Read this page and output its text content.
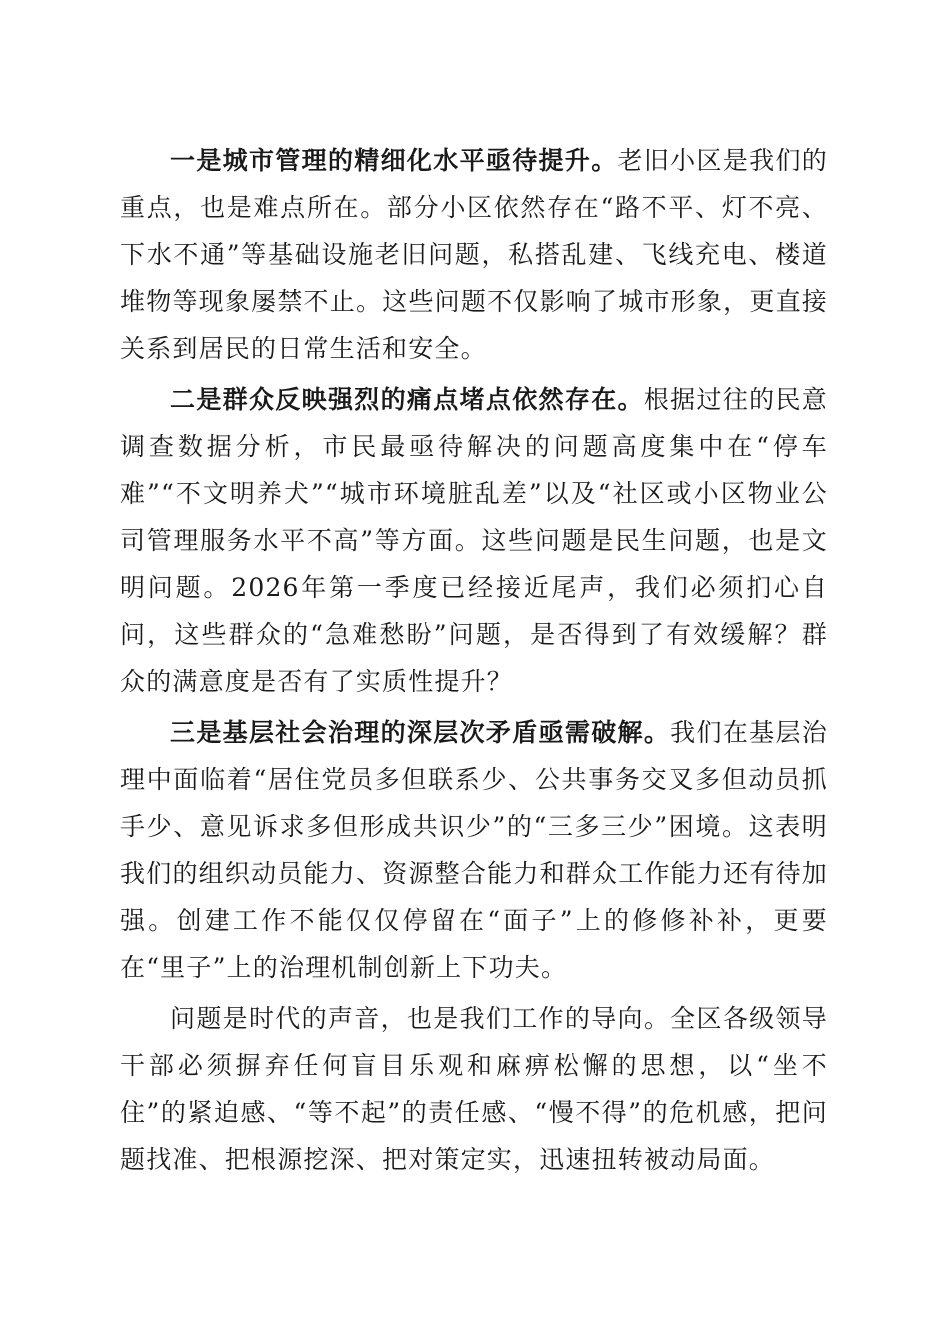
一是城市管理的精细化水平亟待提升。老旧小区是我们的重点，也是难点所在。部分小区依然存在“路不平、灯不亮、下水不通”等基础设施老旧问题，私搭乱建、飞线充电、楼道堆物等现象屡禁不止。这些问题不仅影响了城市形象，更直接关系到居民的日常生活和安全。

二是群众反映强烈的痛点堵点依然存在。根据过往的民意调查数据分析，市民最亟待解决的问题高度集中在“停车难”“不文明养犬”“城市环境脏乱差”以及“社区或小区物业公司管理服务水平不高”等方面。这些问题是民生问题，也是文明问题。2026年第一季度已经接近尾声，我们必须扪心自问，这些群众的“急难愁盼”问题，是否得到了有效缓解？群众的满意度是否有了实质性提升？

三是基层社会治理的深层次矛盾亟需破解。我们在基层治理中面临着“居住党员多但联系少、公共事务交叉多但动员抓手少、意见诉求多但形成共识少”的“三多三少”困境。这表明我们的组织动员能力、资源整合能力和群众工作能力还有待加强。创建工作不能仅仅停留在“面子”上的修修补补，更要在“里子”上的治理机制创新上下功夫。

问题是时代的声音，也是我们工作的导向。全区各级领导干部必须摒弃任何盲目乐观和麻痹松懈的思想，以“坐不住”的紧迫感、“等不起”的责任感、“慢不得”的危机感，把问题找准、把根源挖深、把对策定实，迅速扭转被动局面。
